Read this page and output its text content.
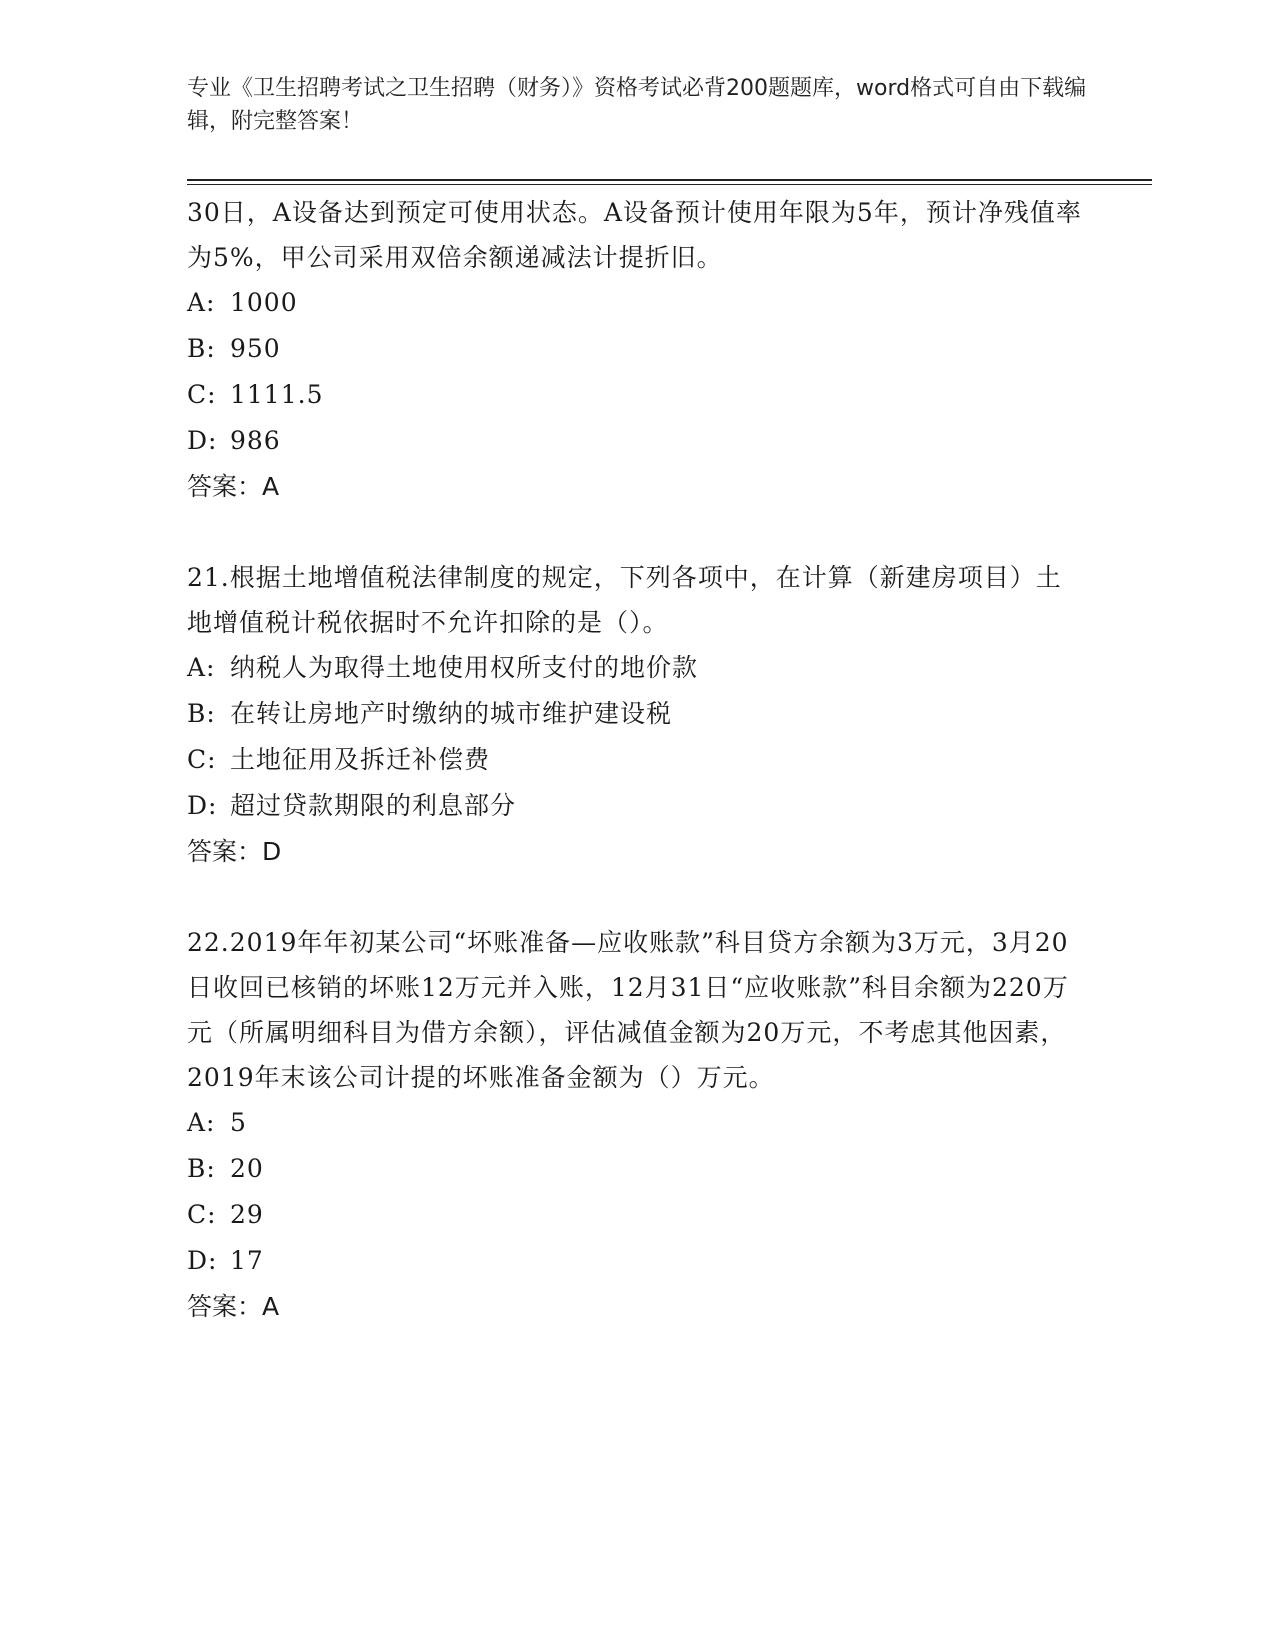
专业《卫生招聘考试之卫生招聘（财务）》资格考试必背200题题库，word格式可自由下载编辑，附完整答案！

30日，A设备达到预定可使用状态。A设备预计使用年限为5年，预计净残值率为5%，甲公司采用双倍余额递减法计提折旧。

A: 1000
B: 950
C: 1111.5
D: 986
答案：A

21.根据土地增值税法律制度的规定，下列各项中，在计算（新建房项目）土地增值税计税依据时不允许扣除的是（）。

A: 纳税人为取得土地使用权所支付的地价款
B: 在转让房地产时缴纳的城市维护建设税
C: 土地征用及拆迁补偿费
D: 超过贷款期限的利息部分
答案：D

22.2019年年初某公司“坏账准备—应收账款”科目贷方余额为3万元，3月20日收回已核销的坏账12万元并入账，12月31日“应收账款”科目余额为220万元（所属明细科目为借方余额），评估减值金额为20万元，不考虑其他因素，2019年末该公司计提的坏账准备金额为（）万元。

A: 5
B: 20
C: 29
D: 17
答案：A
